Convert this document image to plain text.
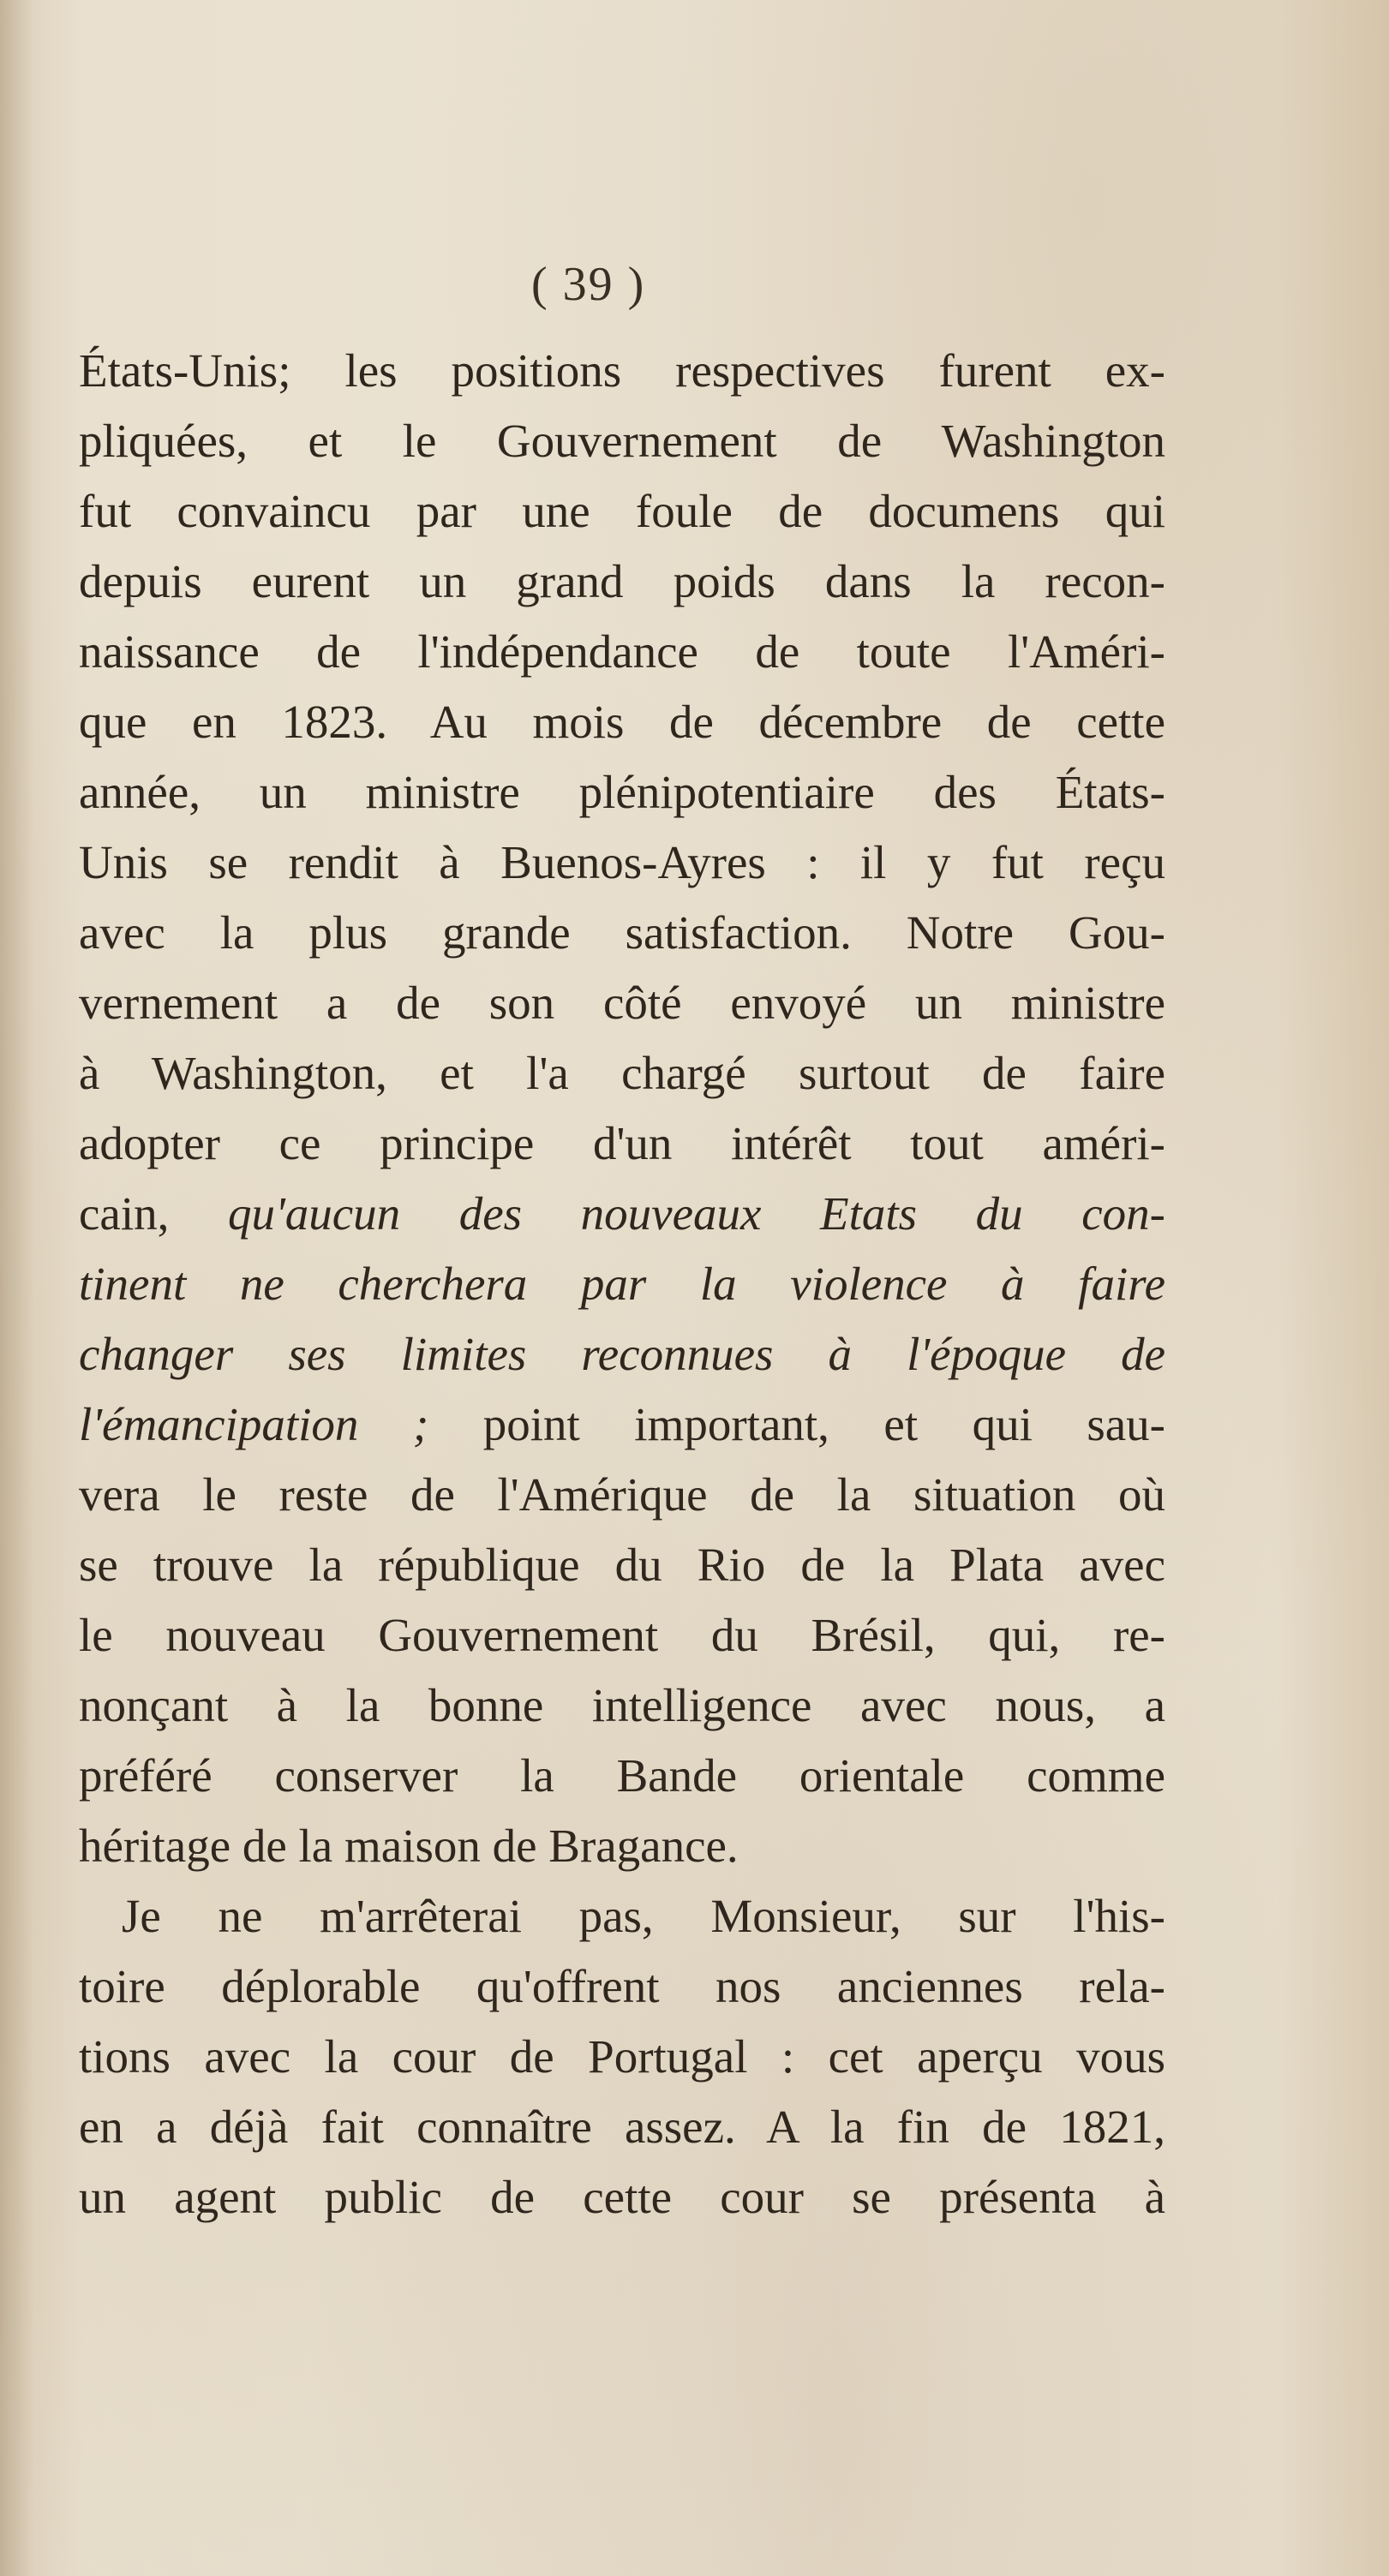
( 39 )
États-Unis; les positions respectives furent ex-
pliquées, et le Gouvernement de Washington
fut convaincu par une foule de documens qui
depuis eurent un grand poids dans la recon-
naissance de l'indépendance de toute l'Améri-
que en 1823. Au mois de décembre de cette
année, un ministre plénipotentiaire des États-
Unis se rendit à Buenos-Ayres : il y fut reçu
avec la plus grande satisfaction. Notre Gou-
vernement a de son côté envoyé un ministre
à Washington, et l'a chargé surtout de faire
adopter ce principe d'un intérêt tout améri-
cain, qu'aucun des nouveaux Etats du con-
tinent ne cherchera par la violence à faire
changer ses limites reconnues à l'époque de
l'émancipation ; point important, et qui sau-
vera le reste de l'Amérique de la situation où
se trouve la république du Rio de la Plata avec
le nouveau Gouvernement du Brésil, qui, re-
nonçant à la bonne intelligence avec nous, a
préféré conserver la Bande orientale comme
héritage de la maison de Bragance.
Je ne m'arrêterai pas, Monsieur, sur l'his-
toire déplorable qu'offrent nos anciennes rela-
tions avec la cour de Portugal : cet aperçu vous
en a déjà fait connaître assez. A la fin de 1821,
un agent public de cette cour se présenta à
